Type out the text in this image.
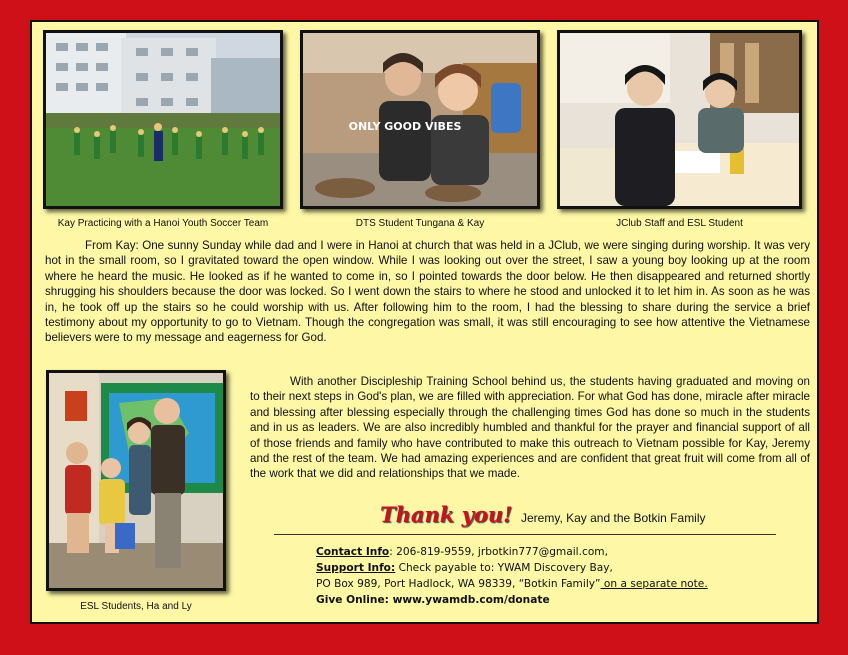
Kay Practicing with a Hanoi Youth Soccer Team
ONLY GOOD VIBES
DTS Student Tungana & Kay	JClub Staff and ESL Student

From Kay: One sunny Sunday while dad and I were in Hanoi at church that was held in a JClub, we were singing during worship. It was very hot in the small room, so I gravitated toward the open window. While I was looking out over the street, I saw a young boy looking up at the room where he heard the music. He looked as if he wanted to come in, so I pointed towards the door below. He then disappeared and returned shortly shrugging his shoulders because the door was locked. So I went down the stairs to where he stood and unlocked it to let him in. As soon as he was in, he took off up the stairs so he could worship with us. After following him to the room, I had the blessing to share during the service a brief testimony about my opportunity to go to Vietnam. Though the congregation was small, it was still encouraging to see how attentive the Vietnamese believers were to my message and eagerness for God.

ESL Students, Ha and Ly

With another Discipleship Training School behind us, the students having graduated and moving on to their next steps in God's plan, we are filled with appreciation. For what God has done, miracle after miracle and blessing after blessing especially through the challenging times God has done so much in the students and in us as leaders. We are also incredibly humbled and thankful for the prayer and financial support of all of those friends and family who have contributed to make this outreach to Vietnam possible for Kay, Jeremy and the rest of the team. We had amazing experiences and are confident that great fruit will come from all of the work that we did and relationships that we made.

Thank you! Jeremy, Kay and the Botkin Family
Contact Info: 206-819-9559, jrbotkin777@gmail.com,
Support Info: Check payable to: YWAM Discovery Bay,
PO Box 989, Port Hadlock, WA 98339, “Botkin Family” on a separate note.
Give Online: www.ywamdb.com/donate
